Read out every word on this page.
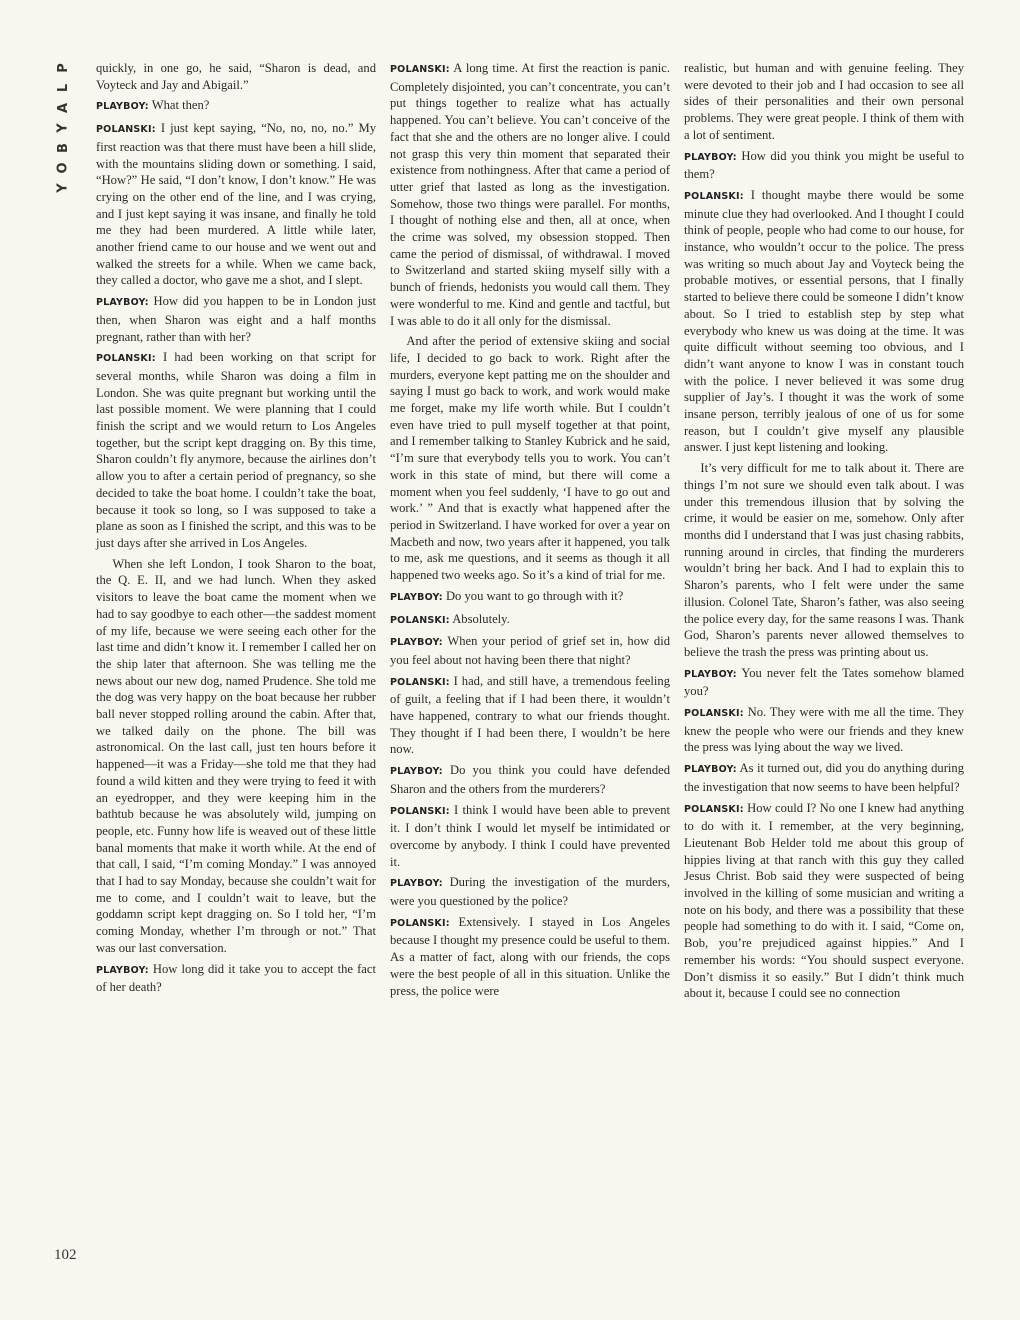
P
L
A
Y
B
O
Y

quickly, in one go, he said, “Sharon is dead, and Voyteck and Jay and Abigail.”

PLAYBOY: What then?

POLANSKI: I just kept saying, “No, no, no, no.” My first reaction was that there must have been a hill slide, with the mountains sliding down or something. I said, “How?” He said, “I don’t know, I don’t know.” He was crying on the other end of the line, and I was crying, and I just kept saying it was insane, and finally he told me they had been murdered. A little while later, another friend came to our house and we went out and walked the streets for a while. When we came back, they called a doctor, who gave me a shot, and I slept.

PLAYBOY: How did you happen to be in London just then, when Sharon was eight and a half months pregnant, rather than with her?

POLANSKI: I had been working on that script for several months, while Sharon was doing a film in London. She was quite pregnant but working until the last possible moment. We were planning that I could finish the script and we would return to Los Angeles together, but the script kept dragging on. By this time, Sharon couldn’t fly anymore, because the airlines don’t allow you to after a certain period of pregnancy, so she decided to take the boat home. I couldn’t take the boat, because it took so long, so I was supposed to take a plane as soon as I finished the script, and this was to be just days after she arrived in Los Angeles.

When she left London, I took Sharon to the boat, the Q. E. II, and we had lunch. When they asked visitors to leave the boat came the moment when we had to say goodbye to each other—the saddest moment of my life, because we were seeing each other for the last time and didn’t know it. I remember I called her on the ship later that afternoon. She was telling me the news about our new dog, named Prudence. She told me the dog was very happy on the boat because her rubber ball never stopped rolling around the cabin. After that, we talked daily on the phone. The bill was astronomical. On the last call, just ten hours before it happened—it was a Friday—she told me that they had found a wild kitten and they were trying to feed it with an eyedropper, and they were keeping him in the bathtub because he was absolutely wild, jumping on people, etc. Funny how life is weaved out of these little banal moments that make it worth while. At the end of that call, I said, “I’m coming Monday.” I was annoyed that I had to say Monday, because she couldn’t wait for me to come, and I couldn’t wait to leave, but the goddamn script kept dragging on. So I told her, “I’m coming Monday, whether I’m through or not.” That was our last conversation.

PLAYBOY: How long did it take you to accept the fact of her death?

POLANSKI: A long time. At first the reaction is panic. Completely disjointed, you can’t concentrate, you can’t put things together to realize what has actually happened. You can’t believe. You can’t conceive of the fact that she and the others are no longer alive. I could not grasp this very thin moment that separated their existence from nothingness. After that came a period of utter grief that lasted as long as the investigation. Somehow, those two things were parallel. For months, I thought of nothing else and then, all at once, when the crime was solved, my obsession stopped. Then came the period of dismissal, of withdrawal. I moved to Switzerland and started skiing myself silly with a bunch of friends, hedonists you would call them. They were wonderful to me. Kind and gentle and tactful, but I was able to do it all only for the dismissal.

And after the period of extensive skiing and social life, I decided to go back to work. Right after the murders, everyone kept patting me on the shoulder and saying I must go back to work, and work would make me forget, make my life worth while. But I couldn’t even have tried to pull myself together at that point, and I remember talking to Stanley Kubrick and he said, “I’m sure that everybody tells you to work. You can’t work in this state of mind, but there will come a moment when you feel suddenly, ‘I have to go out and work.’ ” And that is exactly what happened after the period in Switzerland. I have worked for over a year on Macbeth and now, two years after it happened, you talk to me, ask me questions, and it seems as though it all happened two weeks ago. So it’s a kind of trial for me.

PLAYBOY: Do you want to go through with it?

POLANSKI: Absolutely.

PLAYBOY: When your period of grief set in, how did you feel about not having been there that night?

POLANSKI: I had, and still have, a tremendous feeling of guilt, a feeling that if I had been there, it wouldn’t have happened, contrary to what our friends thought. They thought if I had been there, I wouldn’t be here now.

PLAYBOY: Do you think you could have defended Sharon and the others from the murderers?

POLANSKI: I think I would have been able to prevent it. I don’t think I would let myself be intimidated or overcome by anybody. I think I could have prevented it.

PLAYBOY: During the investigation of the murders, were you questioned by the police?

POLANSKI: Extensively. I stayed in Los Angeles because I thought my presence could be useful to them. As a matter of fact, along with our friends, the cops were the best people of all in this situation. Unlike the press, the police were

realistic, but human and with genuine feeling. They were devoted to their job and I had occasion to see all sides of their personalities and their own personal problems. They were great people. I think of them with a lot of sentiment.

PLAYBOY: How did you think you might be useful to them?

POLANSKI: I thought maybe there would be some minute clue they had overlooked. And I thought I could think of people, people who had come to our house, for instance, who wouldn’t occur to the police. The press was writing so much about Jay and Voyteck being the probable motives, or essential persons, that I finally started to believe there could be someone I didn’t know about. So I tried to establish step by step what everybody who knew us was doing at the time. It was quite difficult without seeming too obvious, and I didn’t want anyone to know I was in constant touch with the police. I never believed it was some drug supplier of Jay’s. I thought it was the work of some insane person, terribly jealous of one of us for some reason, but I couldn’t give myself any plausible answer. I just kept listening and looking.

It’s very difficult for me to talk about it. There are things I’m not sure we should even talk about. I was under this tremendous illusion that by solving the crime, it would be easier on me, somehow. Only after months did I understand that I was just chasing rabbits, running around in circles, that finding the murderers wouldn’t bring her back. And I had to explain this to Sharon’s parents, who I felt were under the same illusion. Colonel Tate, Sharon’s father, was also seeing the police every day, for the same reasons I was. Thank God, Sharon’s parents never allowed themselves to believe the trash the press was printing about us.

PLAYBOY: You never felt the Tates somehow blamed you?

POLANSKI: No. They were with me all the time. They knew the people who were our friends and they knew the press was lying about the way we lived.

PLAYBOY: As it turned out, did you do anything during the investigation that now seems to have been helpful?

POLANSKI: How could I? No one I knew had anything to do with it. I remember, at the very beginning, Lieutenant Bob Helder told me about this group of hippies living at that ranch with this guy they called Jesus Christ. Bob said they were suspected of being involved in the killing of some musician and writing a note on his body, and there was a possibility that these people had something to do with it. I said, “Come on, Bob, you’re prejudiced against hippies.” And I remember his words: “You should suspect everyone. Don’t dismiss it so easily.” But I didn’t think much about it, because I could see no connection

102
